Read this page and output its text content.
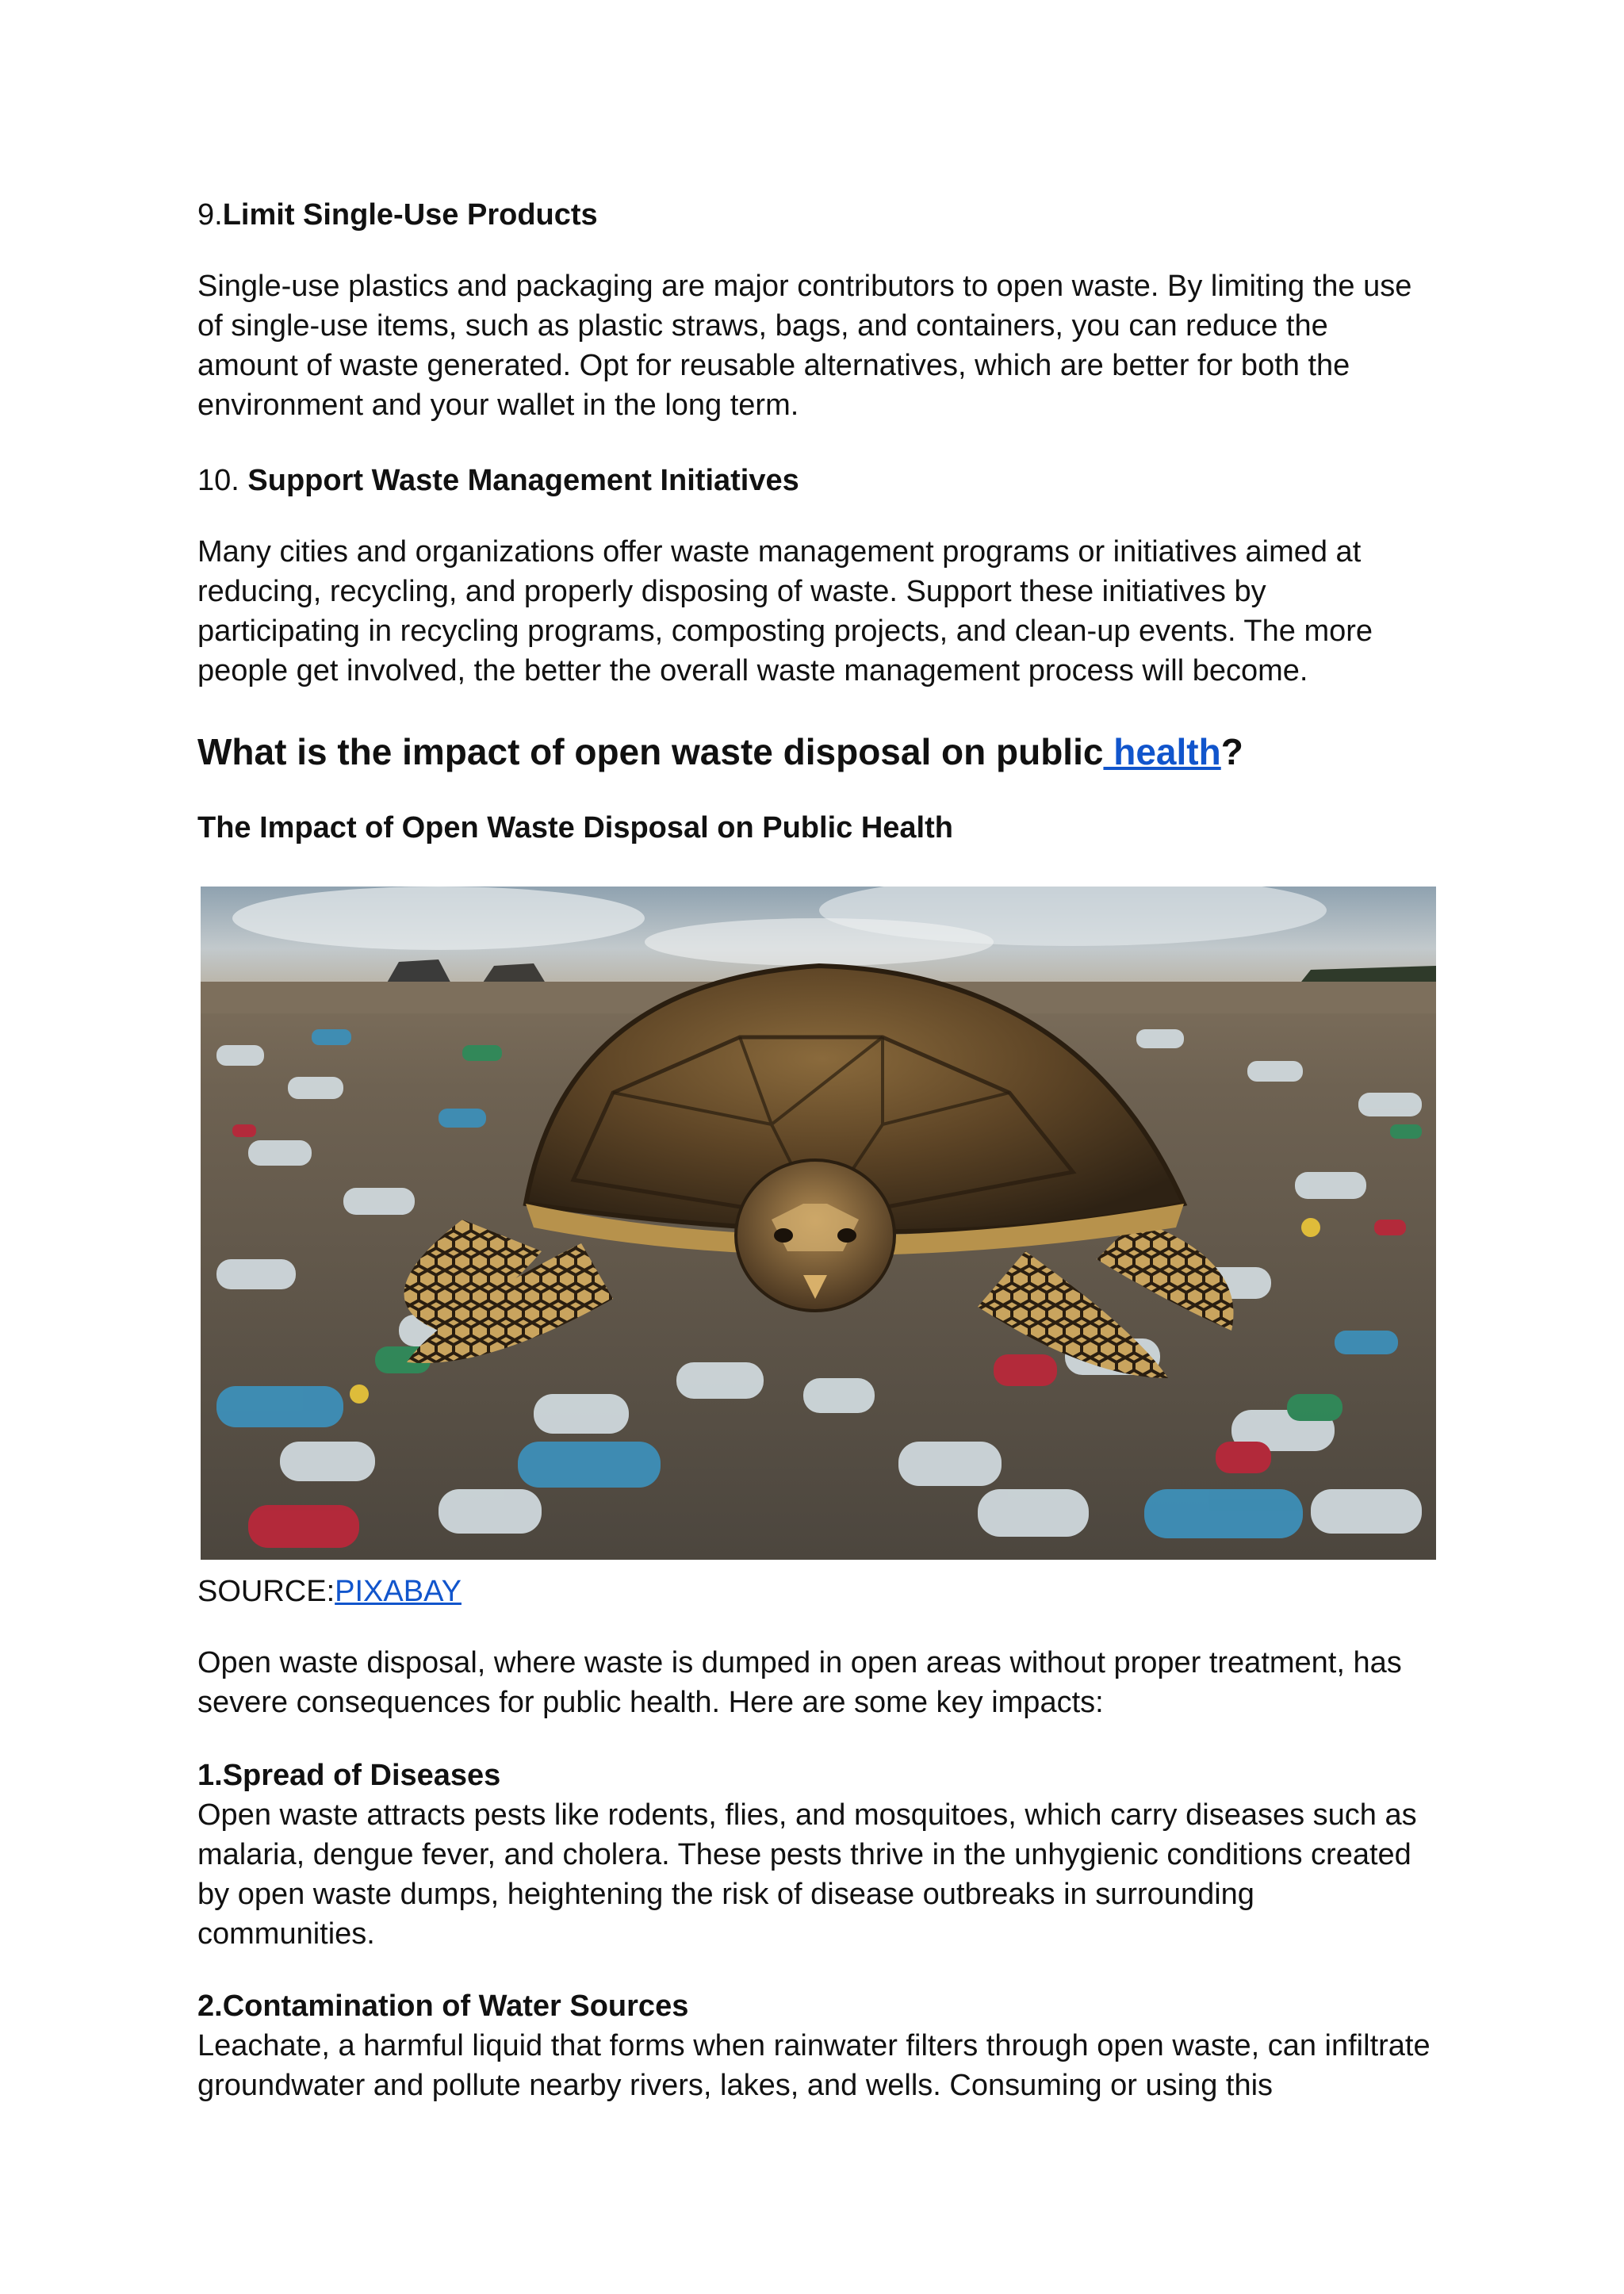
9.Limit Single-Use Products

Single-use plastics and packaging are major contributors to open waste. By limiting the use of single-use items, such as plastic straws, bags, and containers, you can reduce the amount of waste generated. Opt for reusable alternatives, which are better for both the environment and your wallet in the long term.

10. Support Waste Management Initiatives

Many cities and organizations offer waste management programs or initiatives aimed at reducing, recycling, and properly disposing of waste. Support these initiatives by participating in recycling programs, composting projects, and clean-up events. The more people get involved, the better the overall waste management process will become.

What is the impact of open waste disposal on public health?

The Impact of Open Waste Disposal on Public Health

SOURCE:PIXABAY

Open waste disposal, where waste is dumped in open areas without proper treatment, has severe consequences for public health. Here are some key impacts:

1.Spread of Diseases

Open waste attracts pests like rodents, flies, and mosquitoes, which carry diseases such as malaria, dengue fever, and cholera. These pests thrive in the unhygienic conditions created by open waste dumps, heightening the risk of disease outbreaks in surrounding communities.

2.Contamination of Water Sources

Leachate, a harmful liquid that forms when rainwater filters through open waste, can infiltrate groundwater and pollute nearby rivers, lakes, and wells. Consuming or using this
